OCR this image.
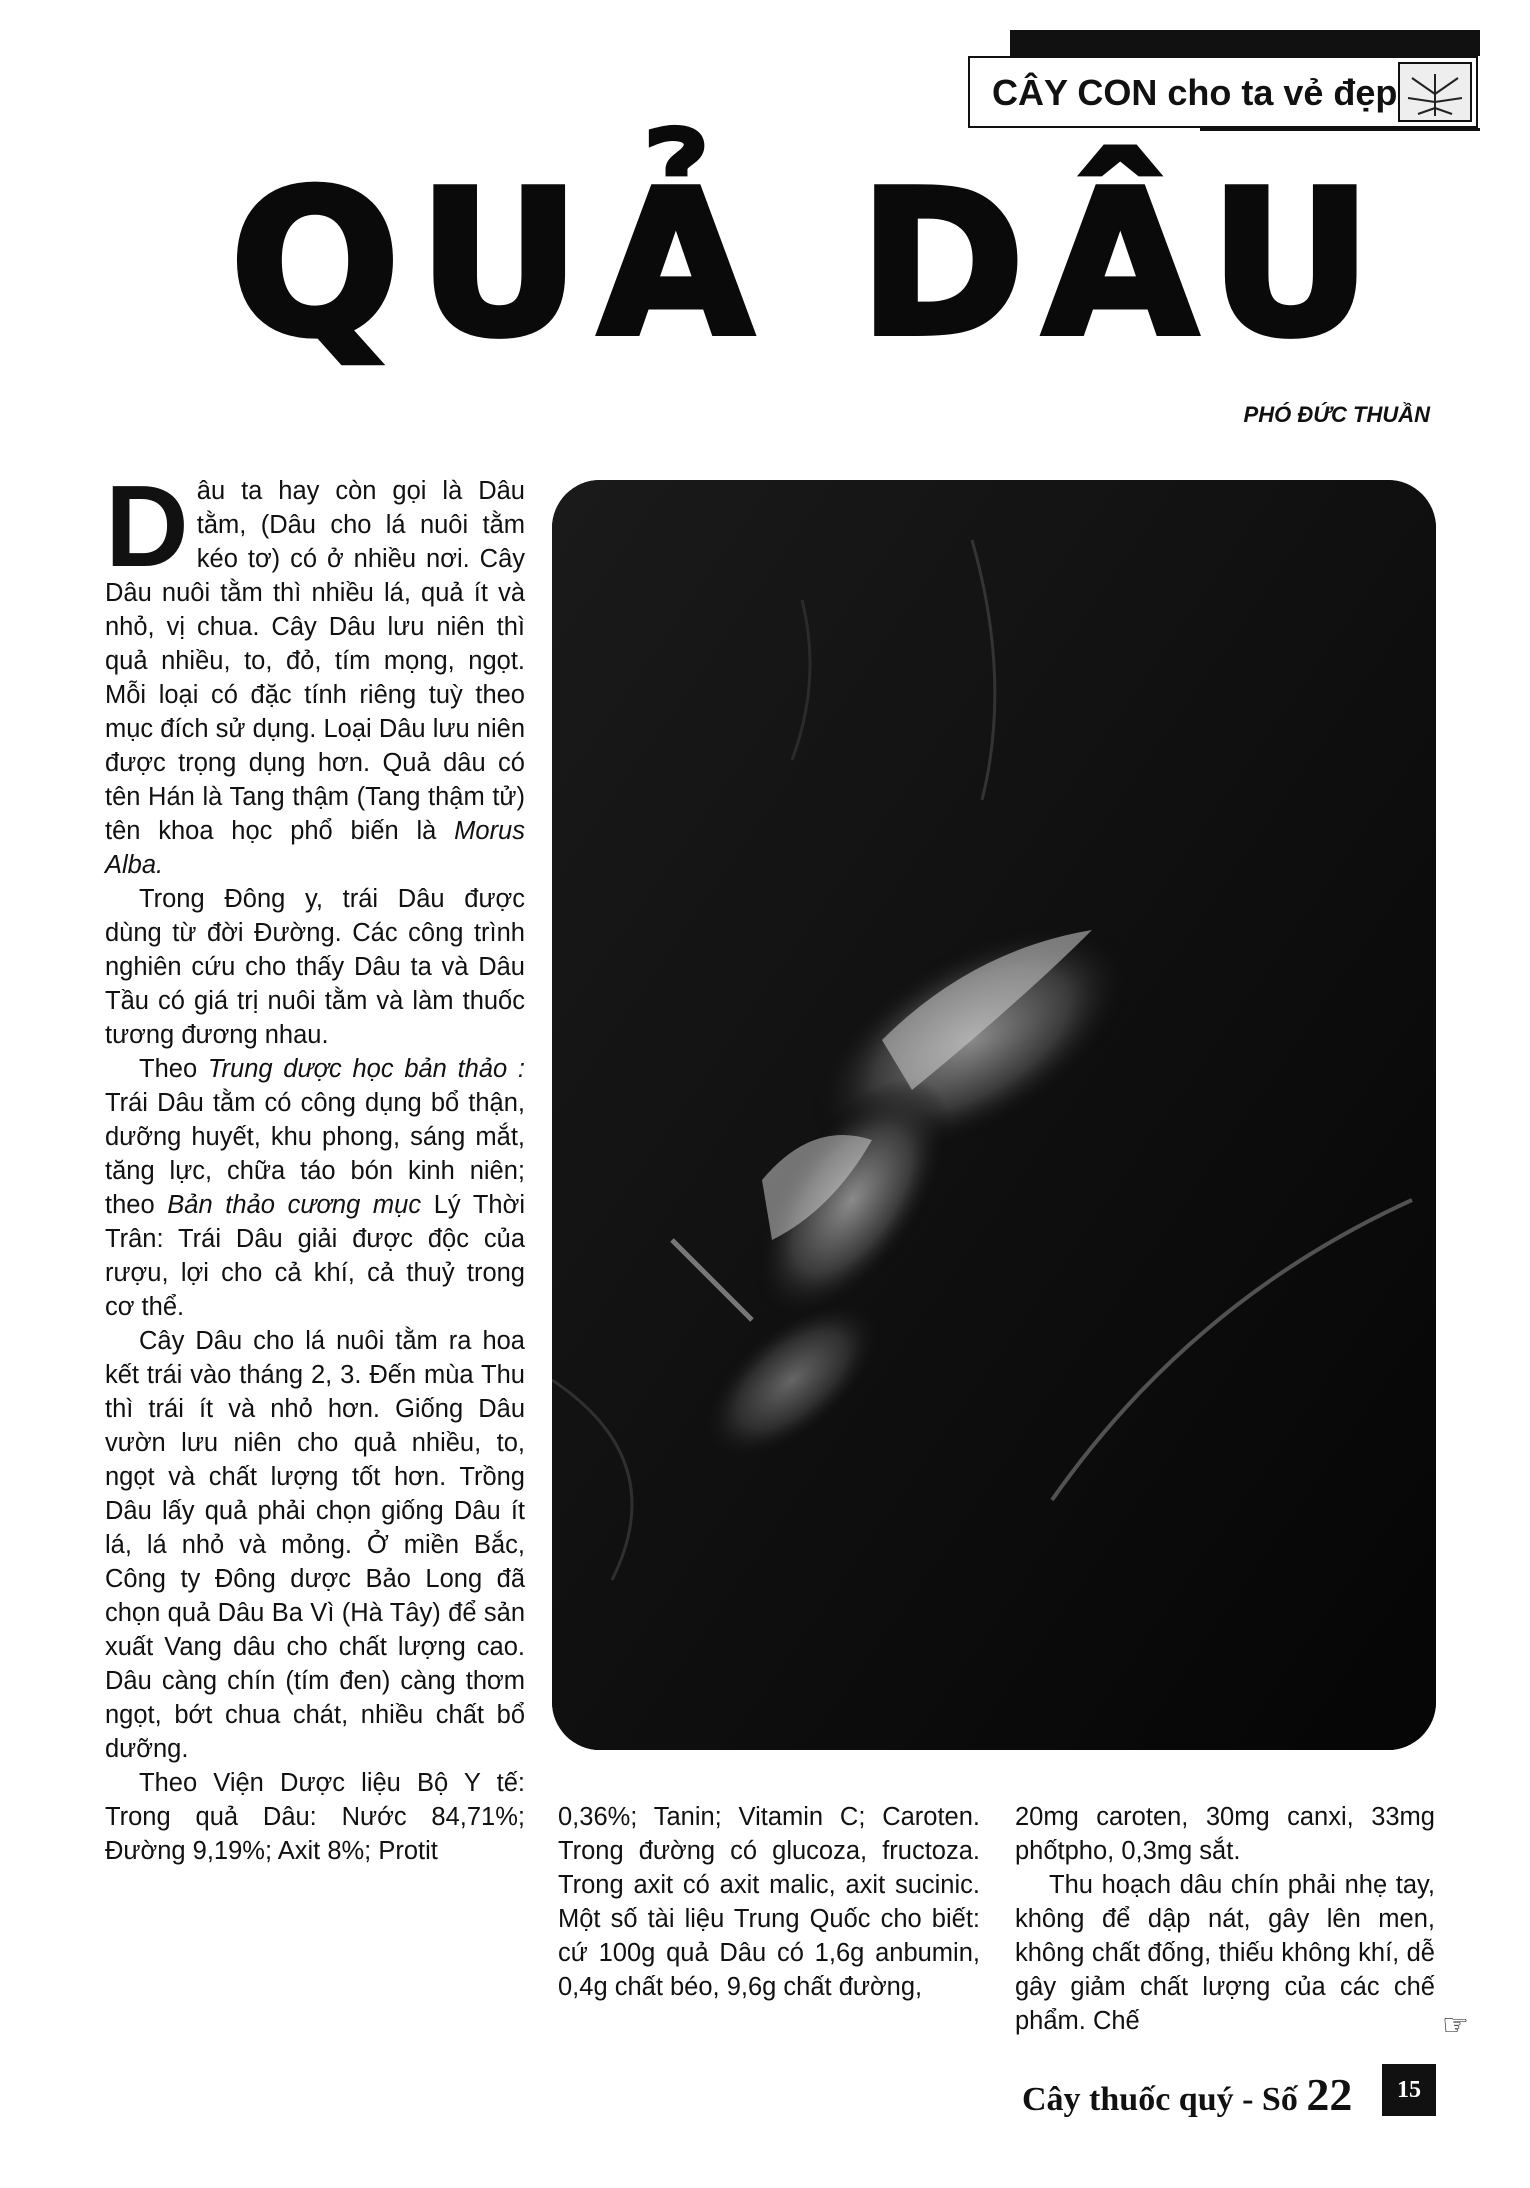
CÂY CON cho ta vẻ đẹp
QUẢ DÂU
PHÓ ĐỨC THUẦN

Dâu ta hay còn gọi là Dâu tằm, (Dâu cho lá nuôi tằm kéo tơ) có ở nhiều nơi. Cây Dâu nuôi tằm thì nhiều lá, quả ít và nhỏ, vị chua. Cây Dâu lưu niên thì quả nhiều, to, đỏ, tím mọng, ngọt. Mỗi loại có đặc tính riêng tuỳ theo mục đích sử dụng. Loại Dâu lưu niên được trọng dụng hơn. Quả dâu có tên Hán là Tang thậm (Tang thậm tử) tên khoa học phổ biến là Morus Alba.

Trong Đông y, trái Dâu được dùng từ đời Đường. Các công trình nghiên cứu cho thấy Dâu ta và Dâu Tầu có giá trị nuôi tằm và làm thuốc tương đương nhau.

Theo Trung dược học bản thảo : Trái Dâu tằm có công dụng bổ thận, dưỡng huyết, khu phong, sáng mắt, tăng lực, chữa táo bón kinh niên; theo Bản thảo cương mục Lý Thời Trân: Trái Dâu giải được độc của rượu, lợi cho cả khí, cả thuỷ trong cơ thể.

Cây Dâu cho lá nuôi tằm ra hoa kết trái vào tháng 2, 3. Đến mùa Thu thì trái ít và nhỏ hơn. Giống Dâu vườn lưu niên cho quả nhiều, to, ngọt và chất lượng tốt hơn. Trồng Dâu lấy quả phải chọn giống Dâu ít lá, lá nhỏ và mỏng. Ở miền Bắc, Công ty Đông dược Bảo Long đã chọn quả Dâu Ba Vì (Hà Tây) để sản xuất Vang dâu cho chất lượng cao. Dâu càng chín (tím đen) càng thơm ngọt, bớt chua chát, nhiều chất bổ dưỡng.

Theo Viện Dược liệu Bộ Y tế: Trong quả Dâu: Nước 84,71%; Đường 9,19%; Axit 8%; Protit

0,36%; Tanin; Vitamin C; Caroten. Trong đường có glucoza, fructoza. Trong axit có axit malic, axit sucinic. Một số tài liệu Trung Quốc cho biết: cứ 100g quả Dâu có 1,6g anbumin, 0,4g chất béo, 9,6g chất đường,

20mg caroten, 30mg canxi, 33mg phốtpho, 0,3mg sắt.

Thu hoạch dâu chín phải nhẹ tay, không để dập nát, gây lên men, không chất đống, thiếu không khí, dễ gây giảm chất lượng của các chế phẩm. Chế	☞
Cây thuốc quý - Số 22	15
